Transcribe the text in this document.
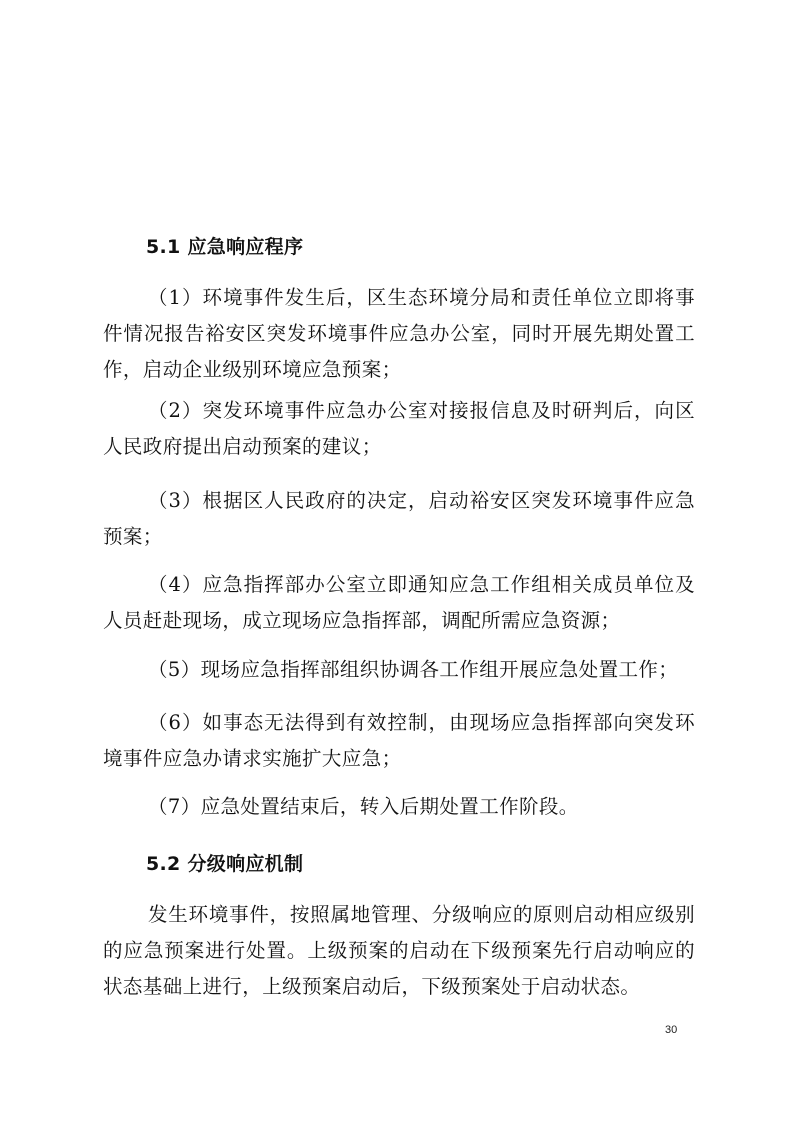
5.1 应急响应程序

（1）环境事件发生后，区生态环境分局和责任单位立即将事件情况报告裕安区突发环境事件应急办公室，同时开展先期处置工作，启动企业级别环境应急预案；

（2）突发环境事件应急办公室对接报信息及时研判后，向区人民政府提出启动预案的建议；

（3）根据区人民政府的决定，启动裕安区突发环境事件应急预案；

（4）应急指挥部办公室立即通知应急工作组相关成员单位及人员赶赴现场，成立现场应急指挥部，调配所需应急资源；

（5）现场应急指挥部组织协调各工作组开展应急处置工作；

（6）如事态无法得到有效控制，由现场应急指挥部向突发环境事件应急办请求实施扩大应急；

（7）应急处置结束后，转入后期处置工作阶段。

5.2 分级响应机制

发生环境事件，按照属地管理、分级响应的原则启动相应级别的应急预案进行处置。上级预案的启动在下级预案先行启动响应的状态基础上进行，上级预案启动后，下级预案处于启动状态。

30
